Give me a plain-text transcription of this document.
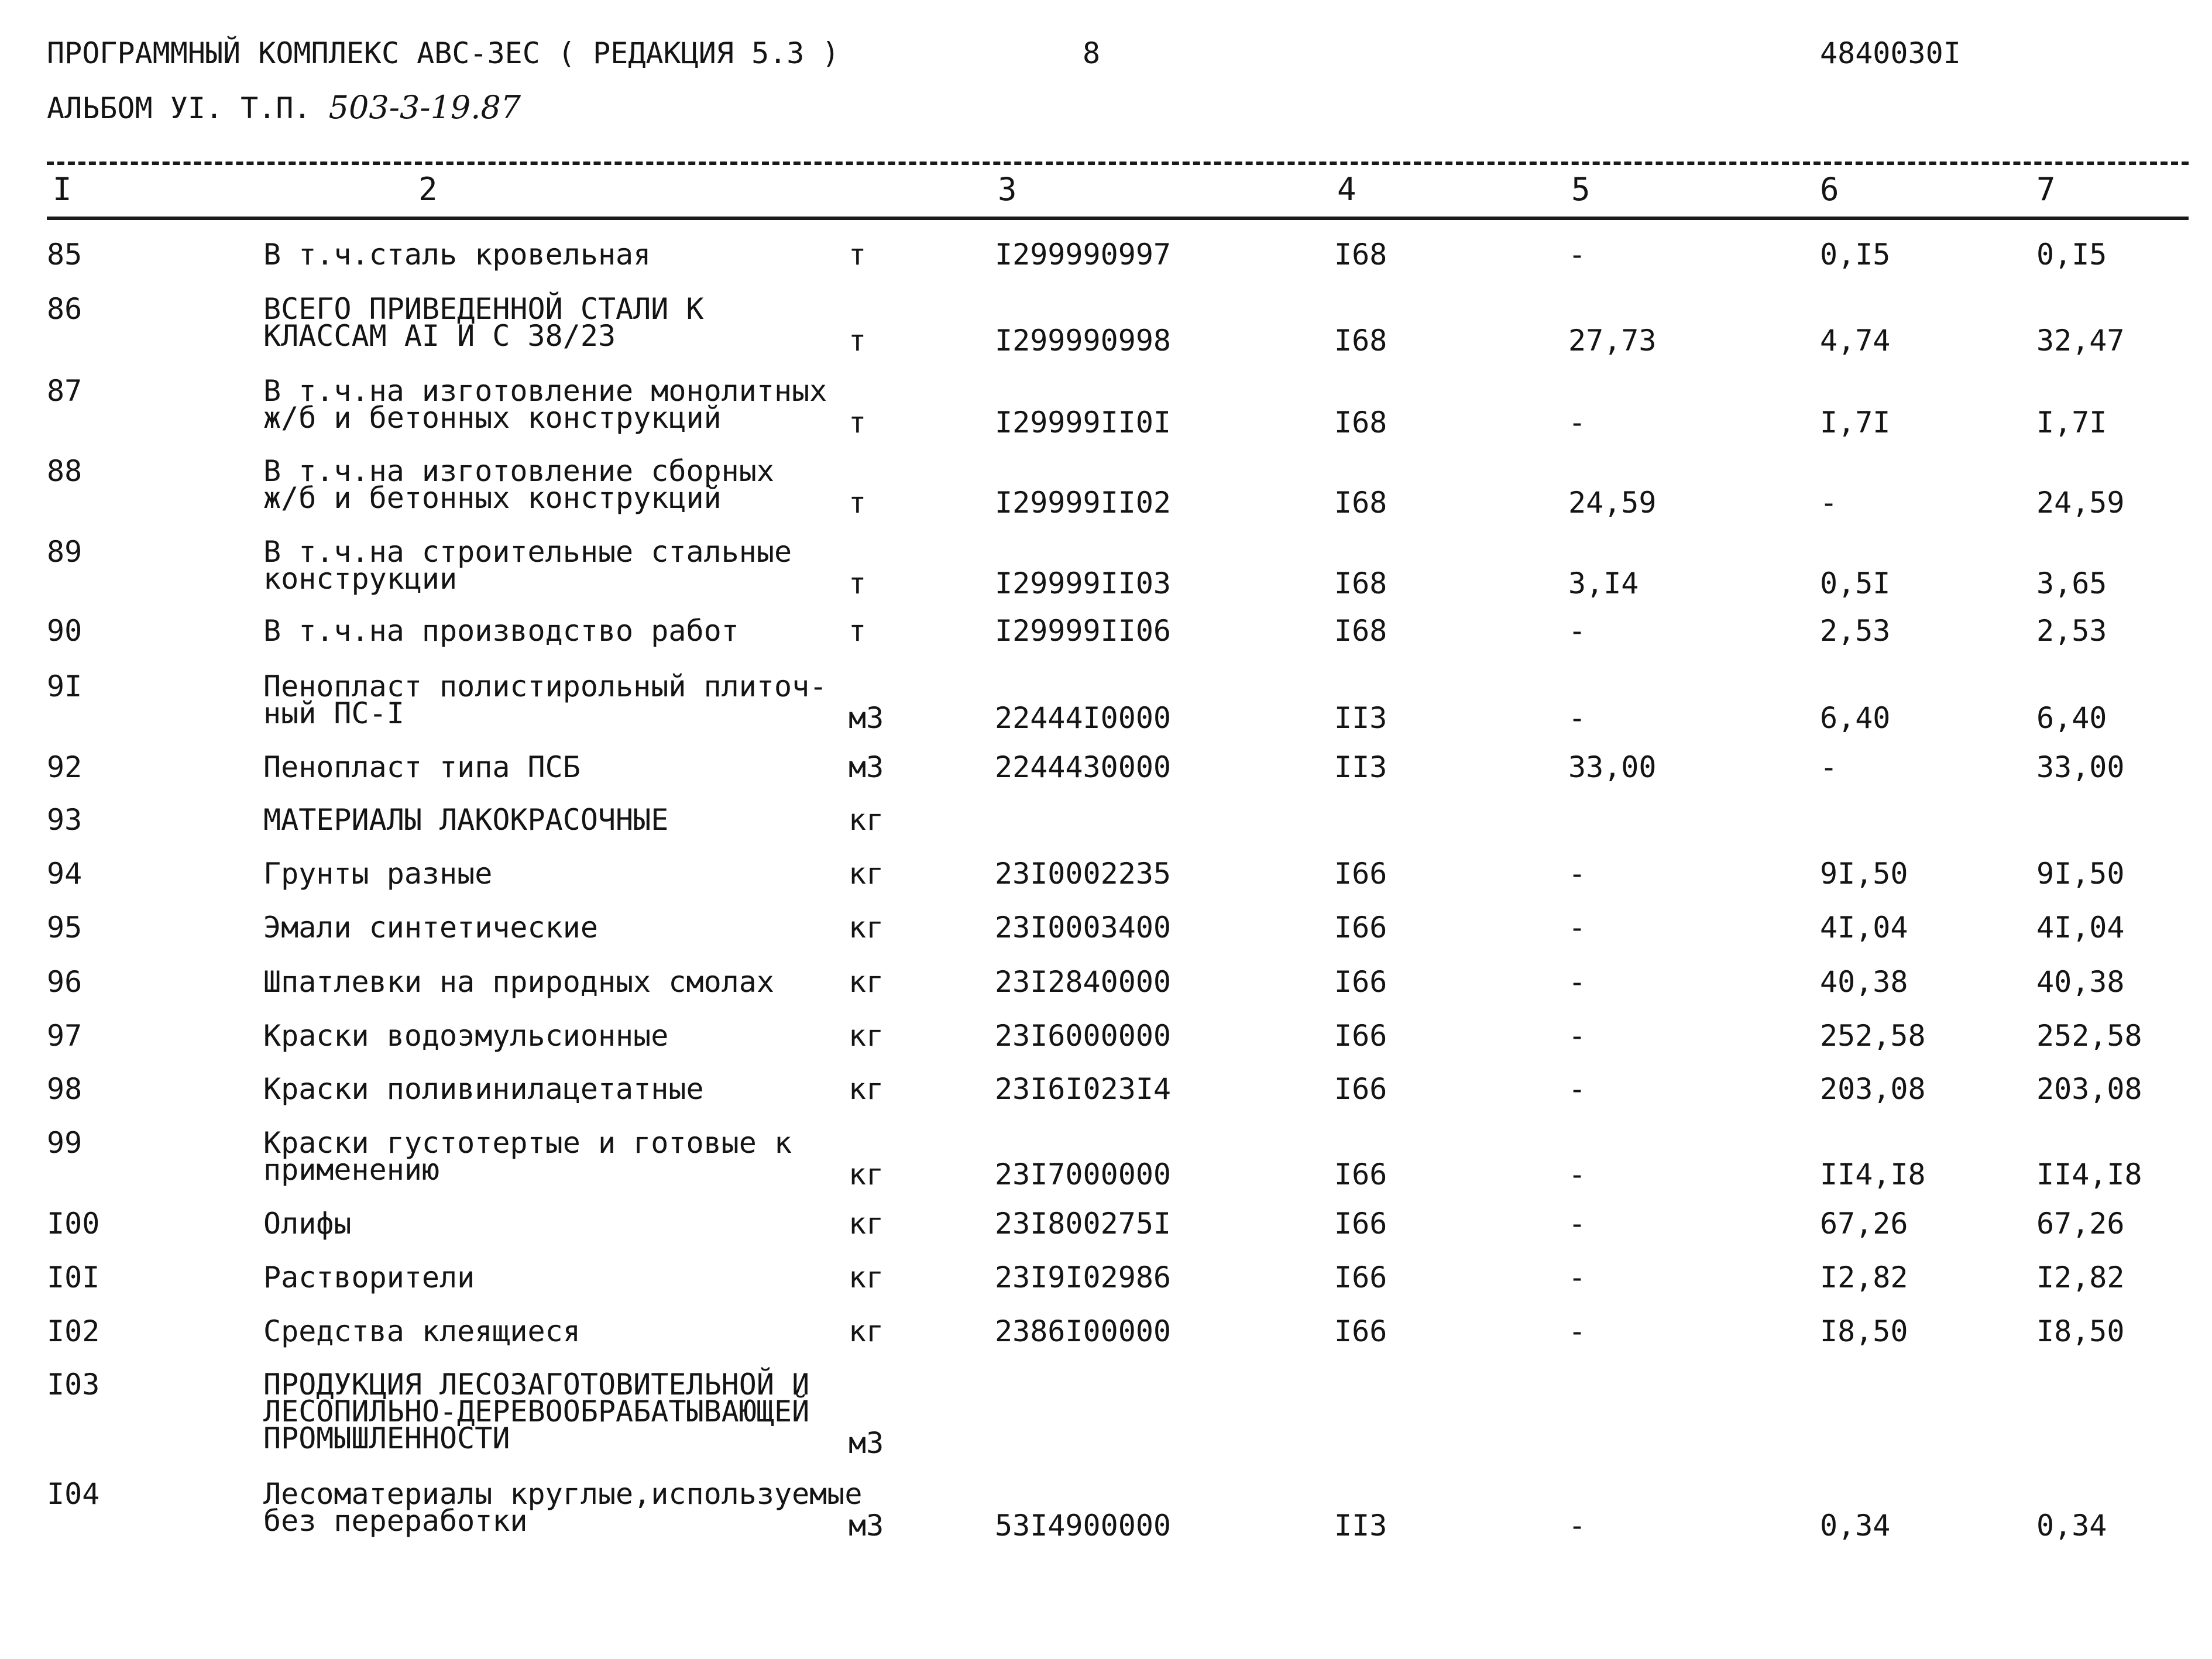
ПРОГРАММНЫЙ КОМПЛЕКС АВС-ЗЕС ( РЕДАКЦИЯ 5.3 )	8	4840030I
АЛЬБОМ УI. Т.П. 503-3-19.87
I	2	3	4	5	6	7
85	В т.ч.сталь кровельная	т	I299990997	I68	-	0,I5	0,I5
86	ВСЕГО ПРИВЕДЕННОЙ СТАЛИ К
КЛАССАМ АI И С 38/23	т	I299990998	I68	27,73	4,74	32,47
87	В т.ч.на изготовление монолитных
ж/б и бетонных конструкций	т	I29999II0I	I68	-	I,7I	I,7I
88	В т.ч.на изготовление сборных
ж/б и бетонных конструкций	т	I29999II02	I68	24,59	-	24,59
89	В т.ч.на строительные стальные
конструкции	т	I29999II03	I68	3,I4	0,5I	3,65
90	В т.ч.на производство работ	т	I29999II06	I68	-	2,53	2,53
9I	Пенопласт полистирольный плиточ-
ный ПС-I	м3	22444I0000	II3	-	6,40	6,40
92	Пенопласт типа ПСБ	м3	2244430000	II3	33,00	-	33,00
93	МАТЕРИАЛЫ ЛАКОКРАСОЧНЫЕ	кг
94	Грунты разные	кг	23I0002235	I66	-	9I,50	9I,50
95	Эмали синтетические	кг	23I0003400	I66	-	4I,04	4I,04
96	Шпатлевки на природных смолах	кг	23I2840000	I66	-	40,38	40,38
97	Краски водоэмульсионные	кг	23I6000000	I66	-	252,58	252,58
98	Краски поливинилацетатные	кг	23I6I023I4	I66	-	203,08	203,08
99	Краски густотертые и готовые к
применению	кг	23I7000000	I66	-	II4,I8	II4,I8
I00	Олифы	кг	23I800275I	I66	-	67,26	67,26
I0I	Растворители	кг	23I9I02986	I66	-	I2,82	I2,82
I02	Средства клеящиеся	кг	2386I00000	I66	-	I8,50	I8,50
I03	ПРОДУКЦИЯ ЛЕСОЗАГОТОВИТЕЛЬНОЙ И
ЛЕСОПИЛЬНО-ДЕРЕВООБРАБАТЫВАЮЩЕЙ
ПРОМЫШЛЕННОСТИ	м3
I04	Лесоматериалы круглые,используемые
без переработки	м3	53I4900000	II3	-	0,34	0,34
